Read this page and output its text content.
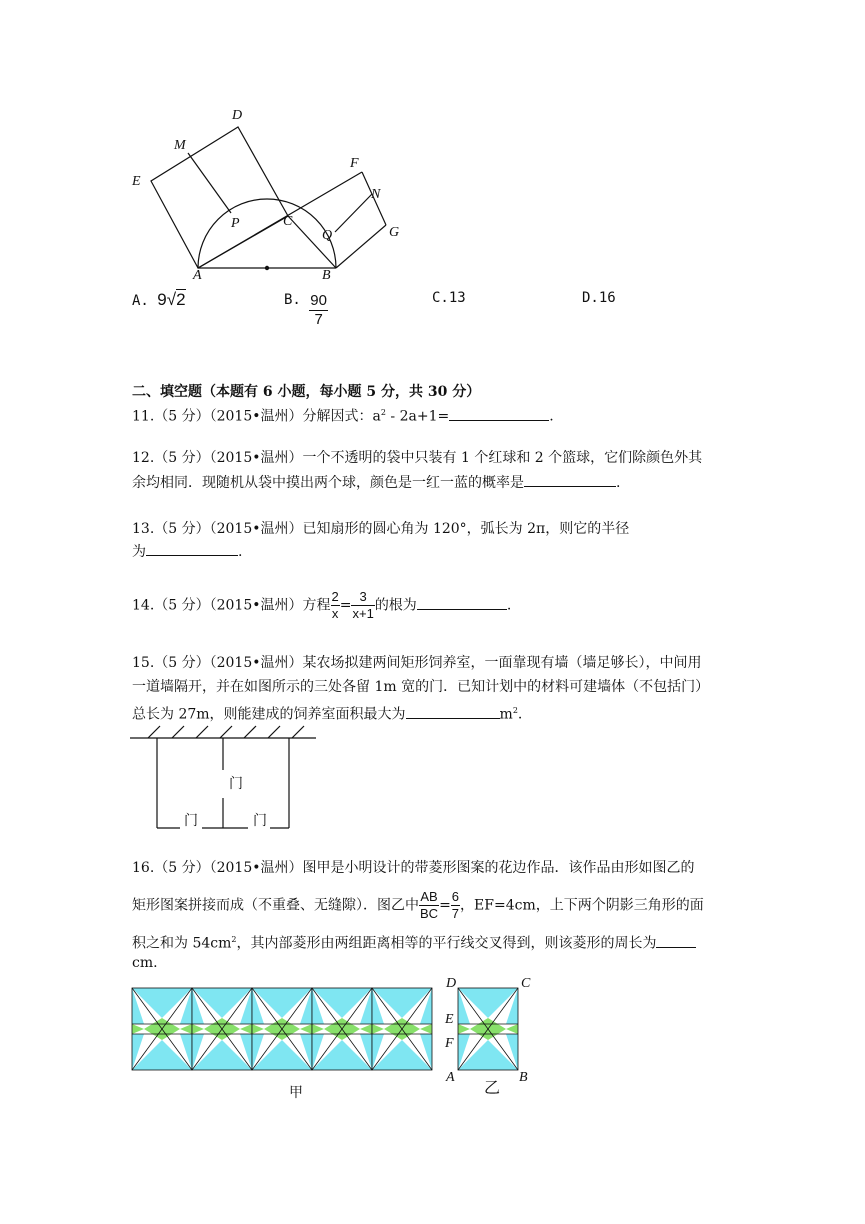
D
M
E
F
N
G
P	C
Q
A	B
A. 9√2	B. $\frac{90}{7}$	C.13	D.16
二、填空题（本题有 6 小题，每小题 5 分，共 30 分）
11.（5 分）（2015•温州）分解因式：$a^2 - 2a+1=$	.
12.（5 分）（2015•温州）一个不透明的袋中只装有 1 个红球和 2 个篮球，它们除颜色外其
余均相同．现随机从袋中摸出两个球，颜色是一红一蓝的概率是	.
13.（5 分）（2015•温州）已知扇形的圆心角为 120°，弧长为 2π，则它的半径
为	.
14.（5 分）（2015•温州）方程 $\frac{2}{x} = \frac{3}{x+1}$ 的根为	.
15.（5 分）（2015•温州）某农场拟建两间矩形饲养室，一面靠现有墙（墙足够长），中间用
一道墙隔开，并在如图所示的三处各留 1m 宽的门．已知计划中的材料可建墙体（不包括门）
总长为 27m，则能建成的饲养室面积最大为	$m^2$.
门
门	门
16.（5 分）（2015•温州）图甲是小明设计的带菱形图案的花边作品．该作品由形如图乙的
矩形图案拼接而成（不重叠、无缝隙）．图乙中 $\frac{AB}{BC} = \frac{6}{7}$ ，EF=4cm，上下两个阴影三角形的面
积之和为 $54cm^2$，其内部菱形由两组距离相等的平行线交叉得到，则该菱形的周长为
cm.
甲
D	C
E
F
A	B
乙
